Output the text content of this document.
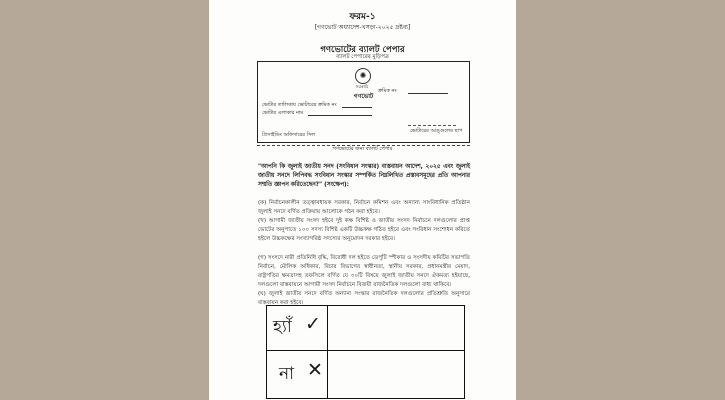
ফরম-১
[গণভোট অধ্যাদেশ-খসড়া-২০২৫ দ্রষ্টব্য]
গণভোটের ব্যালট পেপার
ব্যালট পেপারের মুড়িপত্র
✺
সরকারি
গণভোট
ক্রমিক নং
ভোটার তালিকায় ভোটারের ক্রমিক নং
ভোটার এলাকার নাম
ভোটারের আঙ্গুলের ছাপ
প্রিসাইডিং অফিসারের সিল
গণভোটের জন্য ব্যালট পেপার

"আপনি কি জুলাই জাতীয় সনদ (সংবিধান সংস্কার) বাস্তবায়ন আদেশ, ২০২৫ এবং জুলাই জাতীয় সনদে লিপিবদ্ধ সংবিধান সংস্কার সম্পর্কিত নিম্নলিখিত প্রস্তাবসমূহের প্রতি আপনার সম্মতি জ্ঞাপন করিতেছেন?" (সংক্ষেপ):

(ক) নির্বাচনকালীন তত্ত্বাবধায়ক সরকার, নির্বাচন কমিশন এবং অন্যান্য সাংবিধানিক প্রতিষ্ঠান জুলাই সনদে বর্ণিত প্রক্রিয়ায় আলোকে গঠন করা হইবে।

(খ) আগামী জাতীয় সংসদ হইবে দুই কক্ষ বিশিষ্ট ও জাতীয় সংসদ নির্বাচনে দলগুলোর প্রাপ্ত ভোটের অনুপাতে ১০০ সদস্য বিশিষ্ট একটি উচ্চকক্ষ গঠিত হইবে এবং সংবিধান সংশোধন করিতে হইলে উচ্চকক্ষের সংখ্যাগরিষ্ঠ সদস্যের অনুমোদন দরকার হইবে।

(গ) সংসদে নারী প্রতিনিধি বৃদ্ধি, বিরোধী দল হইতে ডেপুটি স্পীকার ও সংসদীয় কমিটির সভাপতি নির্বাচন, মৌলিক অধিকার, বিচার বিভাগের স্বাধীনতা, স্থানীয় সরকার, প্রধানমন্ত্রীর মেয়াদ, রাষ্ট্রপতির ক্ষমতাসহ তফসিলে বর্ণিত যে ৩০টি বিষয়ে জুলাই জাতীয় সনদে ঐকমত্য হইয়াছে, দলগুলো বাস্তবায়নে আগামী সংসদ নির্বাচনে বিজয়ী রাজনৈতিক দলগুলো বাধ্য থাকিবে।

(ঘ) জুলাই জাতীয় সনদে বর্ণিত অন্যান্য সংস্কার রাজনৈতিক দলগুলোর প্রতিশ্রুতি অনুসারে বাস্তবায়ন করা হইবে।

হ্যাঁ ✓
না ✕
